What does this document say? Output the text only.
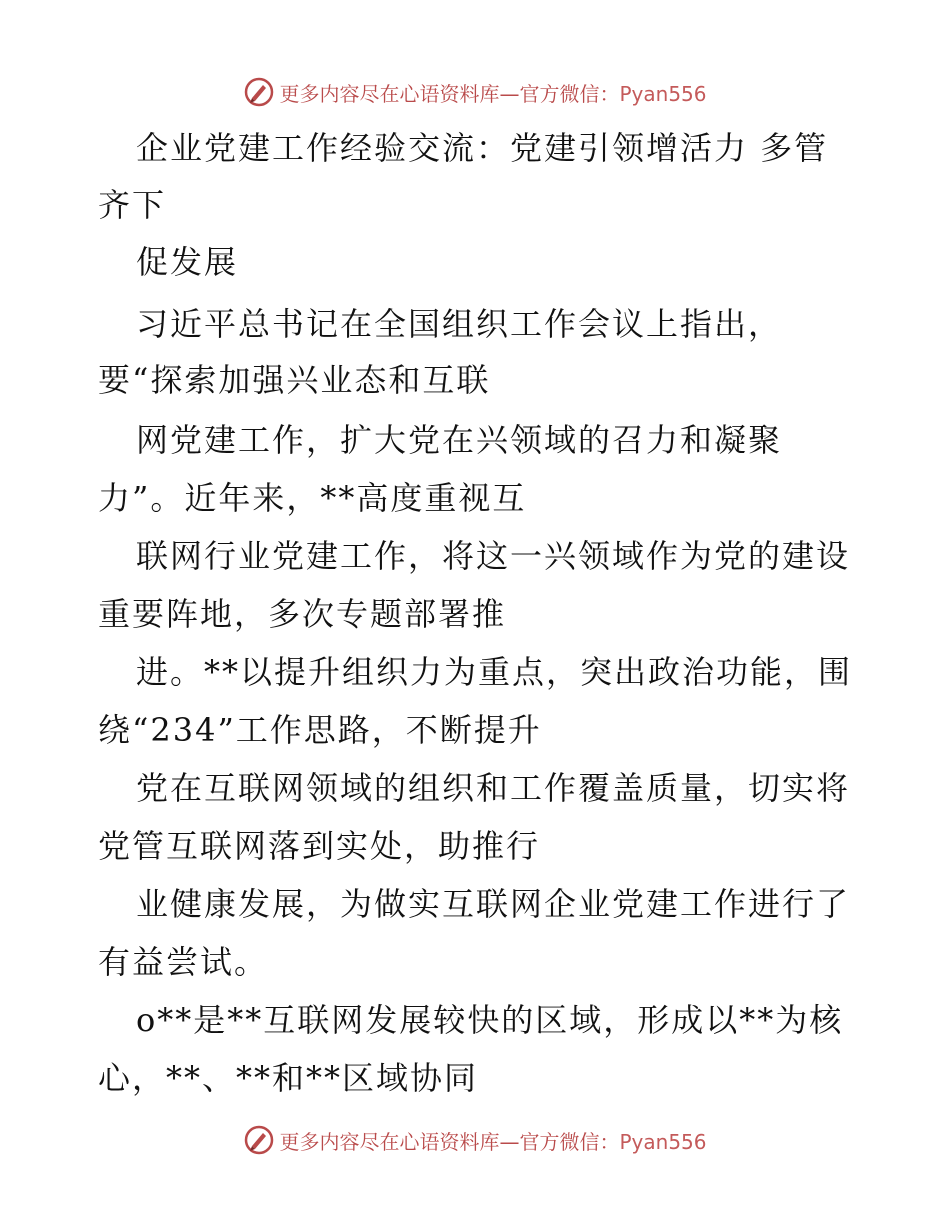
更多内容尽在心语资料库—官方微信：Pyan556
企业党建工作经验交流：党建引领增活力 多管
齐下
促发展
习近平总书记在全国组织工作会议上指出，
要“探索加强兴业态和互联
网党建工作，扩大党在兴领域的召力和凝聚
力”。近年来，**高度重视互
联网行业党建工作，将这一兴领域作为党的建设
重要阵地，多次专题部署推
进。**以提升组织力为重点，突出政治功能，围
绕“234”工作思路，不断提升
党在互联网领域的组织和工作覆盖质量，切实将
党管互联网落到实处，助推行
业健康发展，为做实互联网企业党建工作进行了
有益尝试。
o**是**互联网发展较快的区域，形成以**为核
心，**、**和**区域协同
更多内容尽在心语资料库—官方微信：Pyan556
